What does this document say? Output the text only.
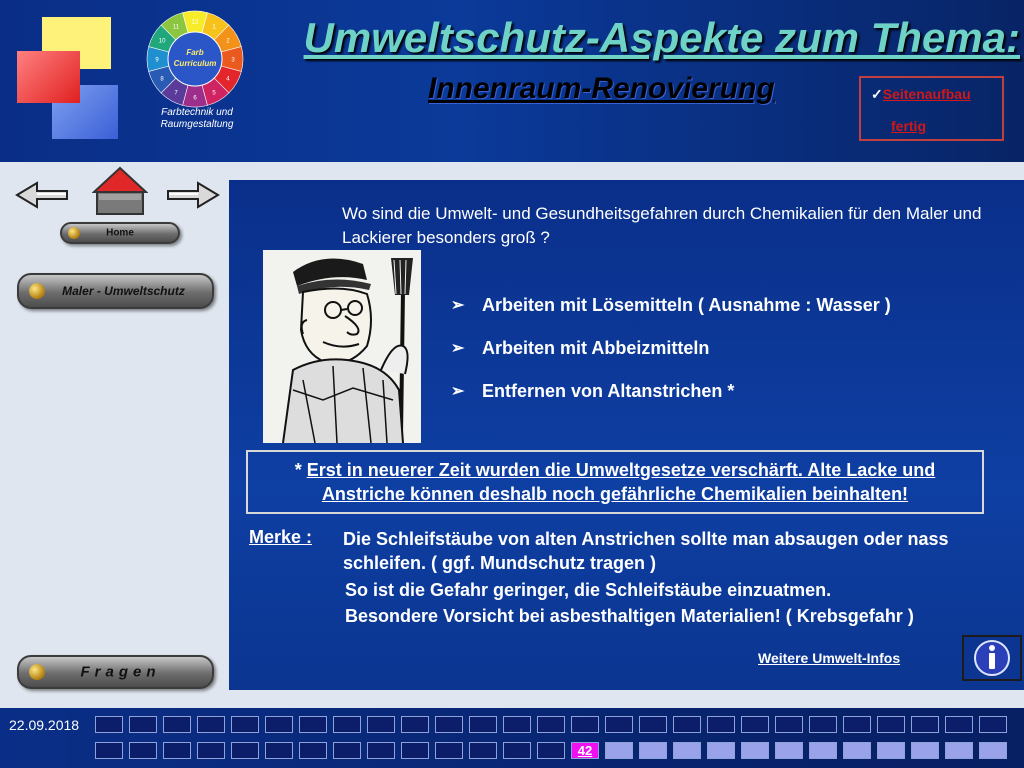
Farb
Curriculum
12
1
2
3
4
5
6
7
8
9
10
11
Farbtechnik und
Raumgestaltung
Umweltschutz-Aspekte zum Thema:
Innenraum-Renovierung	✓Seitenaufbau
fertig
Home
Maler - Umweltschutz
Fragen
Wo sind die Umwelt- und Gesundheitsgefahren durch Chemikalien für den Maler und Lackierer besonders groß ?
➢ Arbeiten mit Lösemitteln ( Ausnahme : Wasser )
➢ Arbeiten mit Abbeizmitteln
➢ Entfernen von Altanstrichen *
* Erst in neuerer Zeit wurden die Umweltgesetze verschärft. Alte Lacke und Anstriche können deshalb noch gefährliche Chemikalien beinhalten!
Merke : Die Schleifstäube von alten Anstrichen sollte man absaugen oder nass schleifen. ( ggf. Mundschutz tragen )
So ist die Gefahr geringer, die Schleifstäube einzuatmen.
Besondere Vorsicht bei asbesthaltigen Materialien! ( Krebsgefahr )
Weitere Umwelt-Infos
22.09.2018
42
